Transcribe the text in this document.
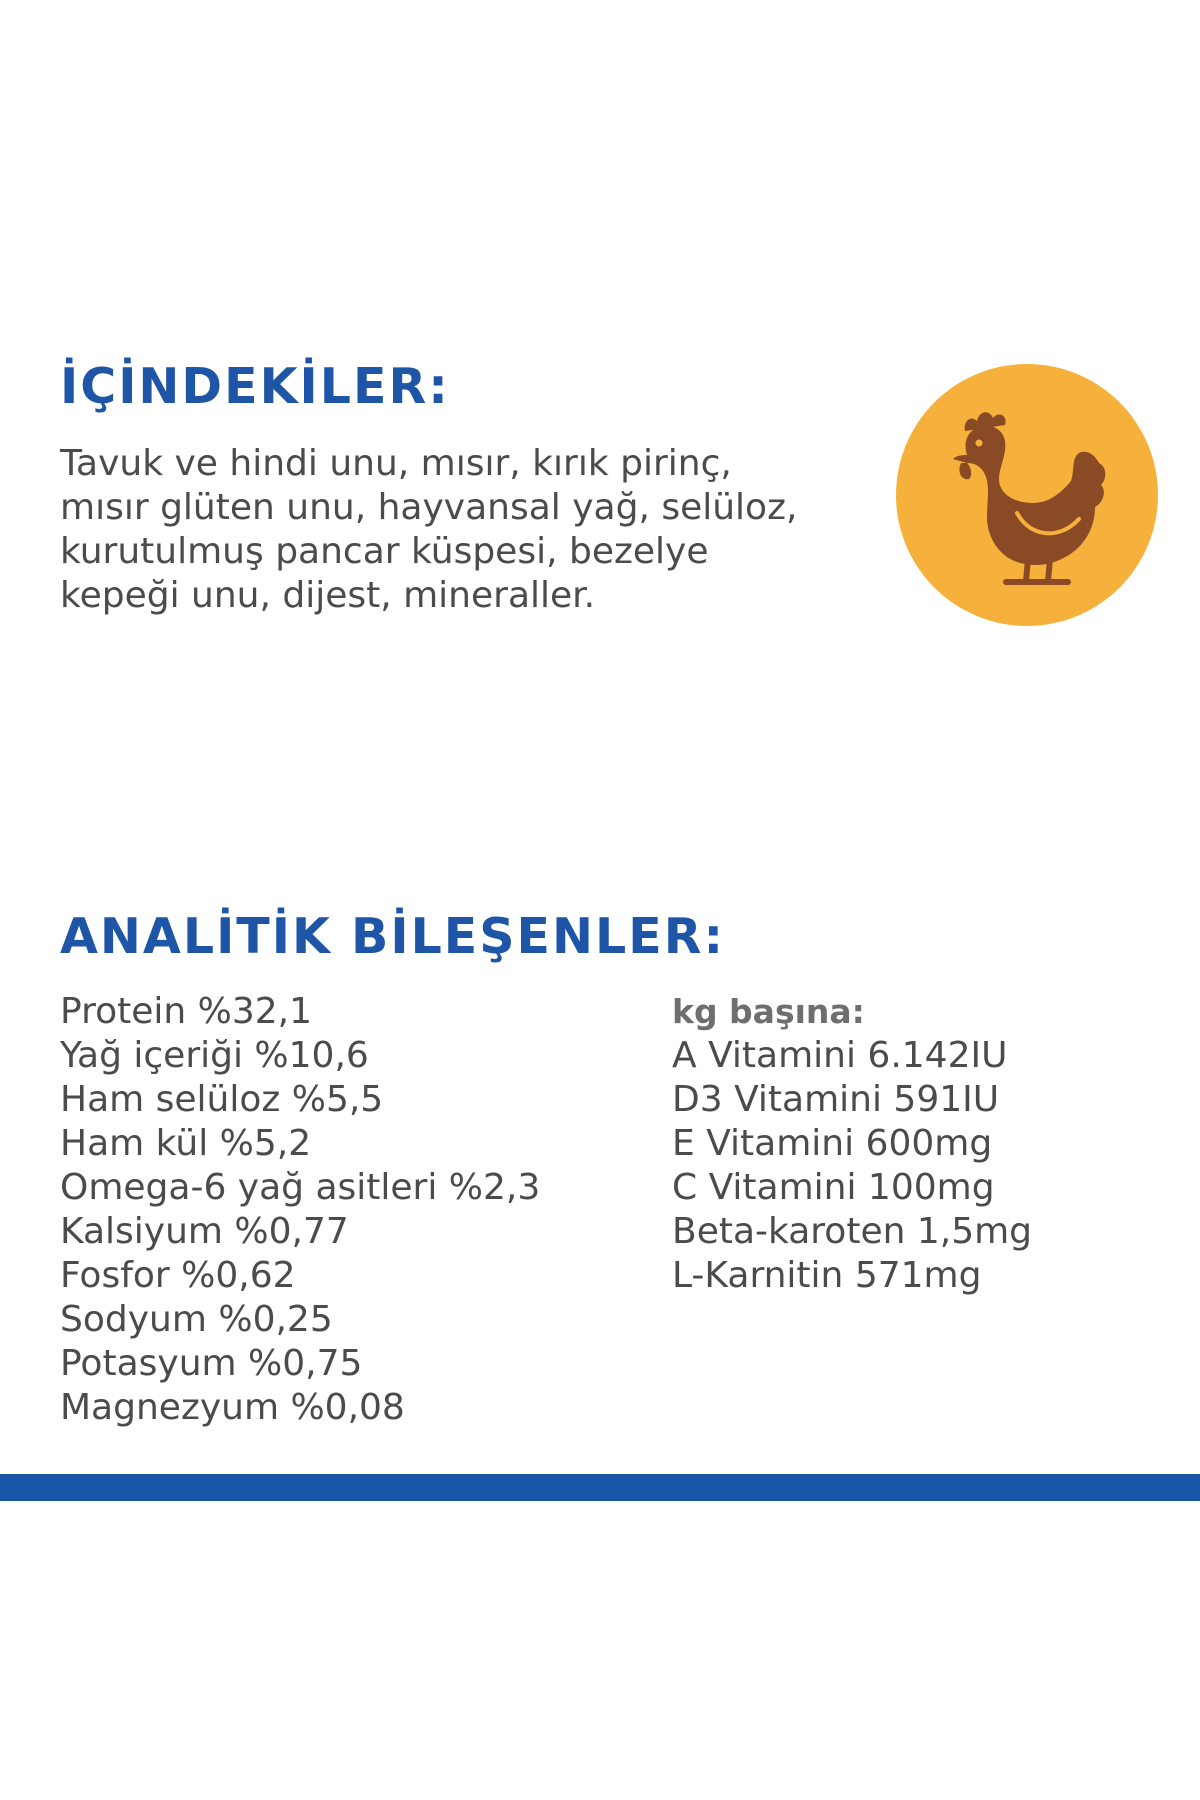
İÇİNDEKİLER:

Tavuk ve hindi unu, mısır, kırık pirinç,

mısır glüten unu, hayvansal yağ, selüloz,

kurutulmuş pancar küspesi, bezelye

kepeği unu, dijest, mineraller.

ANALİTİK BİLEŞENLER:
Protein %32,1
Yağ içeriği %10,6
Ham selüloz %5,5
Ham kül %5,2
Omega-6 yağ asitleri %2,3
Kalsiyum %0,77
Fosfor %0,62
Sodyum %0,25
Potasyum %0,75
Magnezyum %0,08
kg başına:
A Vitamini 6.142IU
D3 Vitamini 591IU
E Vitamini 600mg
C Vitamini 100mg
Beta-karoten 1,5mg
L-Karnitin 571mg
